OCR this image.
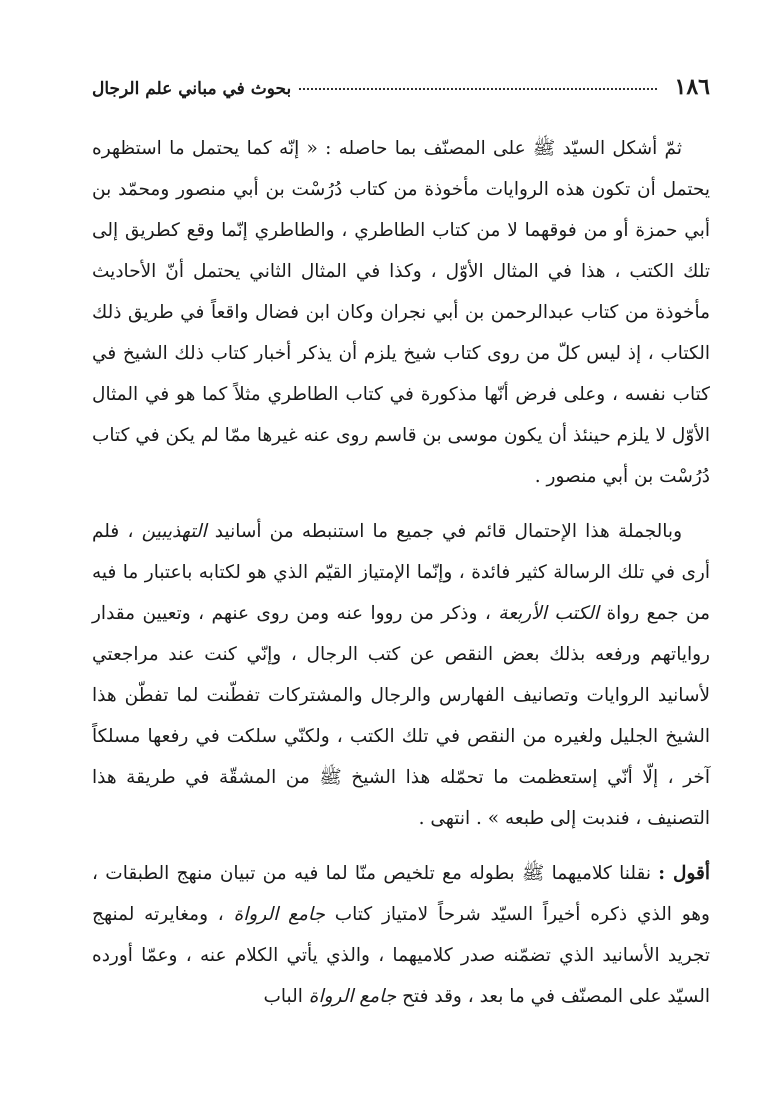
١٨٦
بحوث في مباني علم الرجال

ثمّ أشكل السيّد ﷺ على المصنّف بما حاصله : « إنّه كما يحتمل ما استظهره يحتمل أن تكون هذه الروايات مأخوذة من كتاب دُرُسْت بن أبي منصور ومحمّد بن أبي حمزة أو من فوقهما لا من كتاب الطاطري ، والطاطري إنّما وقع كطريق إلى تلك الكتب ، هذا في المثال الأوّل ، وكذا في المثال الثاني يحتمل أنّ الأحاديث مأخوذة من كتاب عبدالرحمن بن أبي نجران وكان ابن فضال واقعاً في طريق ذلك الكتاب ، إذ ليس كلّ من روى كتاب شيخ يلزم أن يذكر أخبار كتاب ذلك الشيخ في كتاب نفسه ، وعلى فرض أنّها مذكورة في كتاب الطاطري مثلاً كما هو في المثال الأوّل لا يلزم حينئذ أن يكون موسى بن قاسم روى عنه غيرها ممّا لم يكن في كتاب دُرُسْت بن أبي منصور .

وبالجملة هذا الإحتمال قائم في جميع ما استنبطه من أسانيد التهذيبين ، فلم أرى في تلك الرسالة كثير فائدة ، وإنّما الإمتياز القيّم الذي هو لكتابه باعتبار ما فيه من جمع رواة الكتب الأربعة ، وذكر من رووا عنه ومن روى عنهم ، وتعيين مقدار رواياتهم ورفعه بذلك بعض النقص عن كتب الرجال ، وإنّي كنت عند مراجعتي لأسانيد الروايات وتصانيف الفهارس والرجال والمشتركات تفطّنت لما تفطّن هذا الشيخ الجليل ولغيره من النقص في تلك الكتب ، ولكنّي سلكت في رفعها مسلكاً آخر ، إلّا أنّي إستعظمت ما تحمّله هذا الشيخ ﷺ من المشقّة في طريقة هذا التصنيف ، فندبت إلى طبعه » . انتهى .

أقول : نقلنا كلاميهما ﷺ بطوله مع تلخيص منّا لما فيه من تبيان منهج الطبقات ، وهو الذي ذكره أخيراً السيّد شرحاً لامتياز كتاب جامع الرواة ، ومغايرته لمنهج تجريد الأسانيد الذي تضمّنه صدر كلاميهما ، والذي يأتي الكلام عنه ، وعمّا أورده السيّد على المصنّف في ما بعد ، وقد فتح جامع الرواة الباب
